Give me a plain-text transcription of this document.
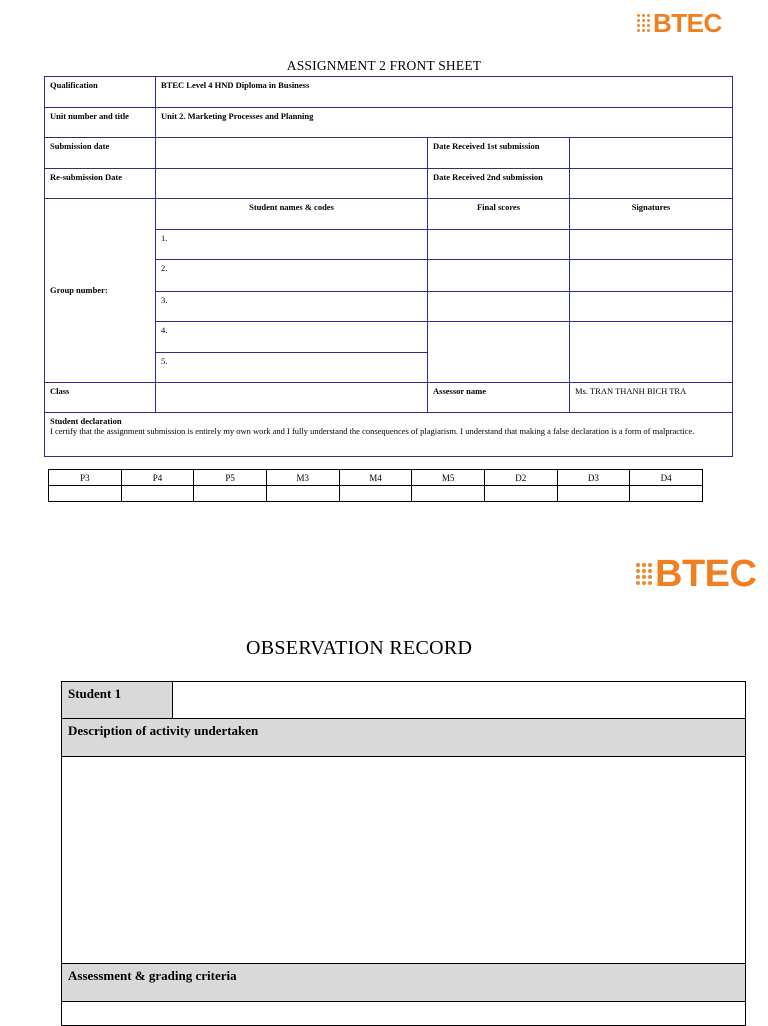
BTEC
ASSIGNMENT 2 FRONT SHEET
Qualification	BTEC Level 4 HND Diploma in Business		
Unit number and title	Unit 2. Marketing Processes and Planning		
Submission date		Date Received 1st submission	
Re-submission Date		Date Received 2nd submission	
Group number:	Student names & codes	Final scores	Signatures
	1.		
	2.		
	3.		
	4.		
	5.		
Class		Assessor name	Ms. TRAN THANH BICH TRA

Student declaration
I certify that the assignment submission is entirely my own work and I fully understand the consequences of plagiarism. I understand that making a false declaration is a form of malpractice.			
P3	P4	P5	M3	M4	M5	D2	D3	D4

BTEC
OBSERVATION RECORD
Student 1
Description of activity undertaken
Assessment & grading criteria
